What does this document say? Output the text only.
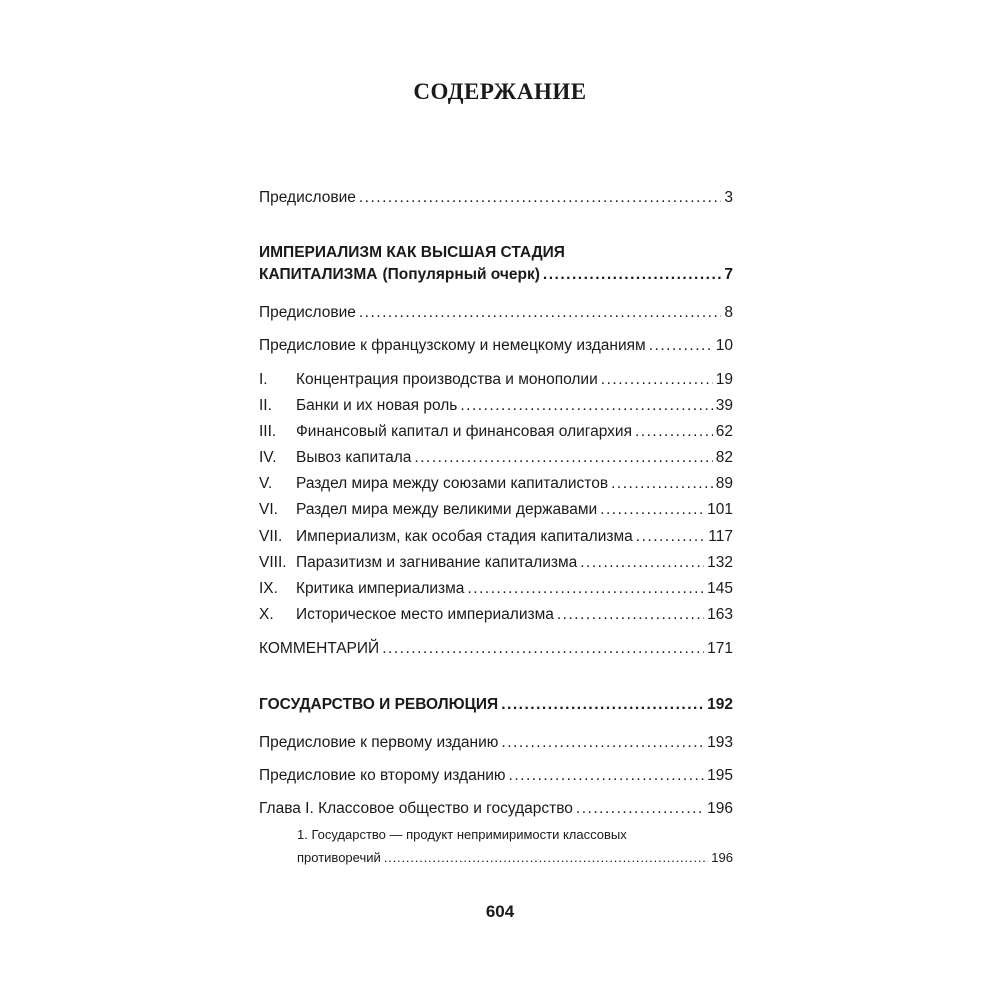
СОДЕРЖАНИЕ
Предисловие . . .	3
ИМПЕРИАЛИЗМ КАК ВЫСШАЯ СТАДИЯ
КАПИТАЛИЗМА (Популярный очерк) . . .	7
Предисловие . . .	8
Предисловие к французскому и немецкому изданиям . . .	10
I.	Концентрация производства и монополии . . .	19
II.	Банки и их новая роль . . .	39
III.	Финансовый капитал и финансовая олигархия . . .	62
IV.	Вывоз капитала . . .	82
V.	Раздел мира между союзами капиталистов . . .	89
VI.	Раздел мира между великими державами . . .	101
VII. Империализм, как особая стадия капитализма . . .	117
VIII. Паразитизм и загнивание капитализма . . .	132
IX.	Критика империализма . . .	145
X.	Историческое место империализма . . .	163
КОММЕНТАРИЙ . . .	171
ГОСУДАРСТВО И РЕВОЛЮЦИЯ . . .	192
Предисловие к первому изданию . . .	193
Предисловие ко второму изданию . . .	195
Глава I. Классовое общество и государство . . .	196
1. Государство — продукт непримиримости классовых
противоречий . . .	196
604
